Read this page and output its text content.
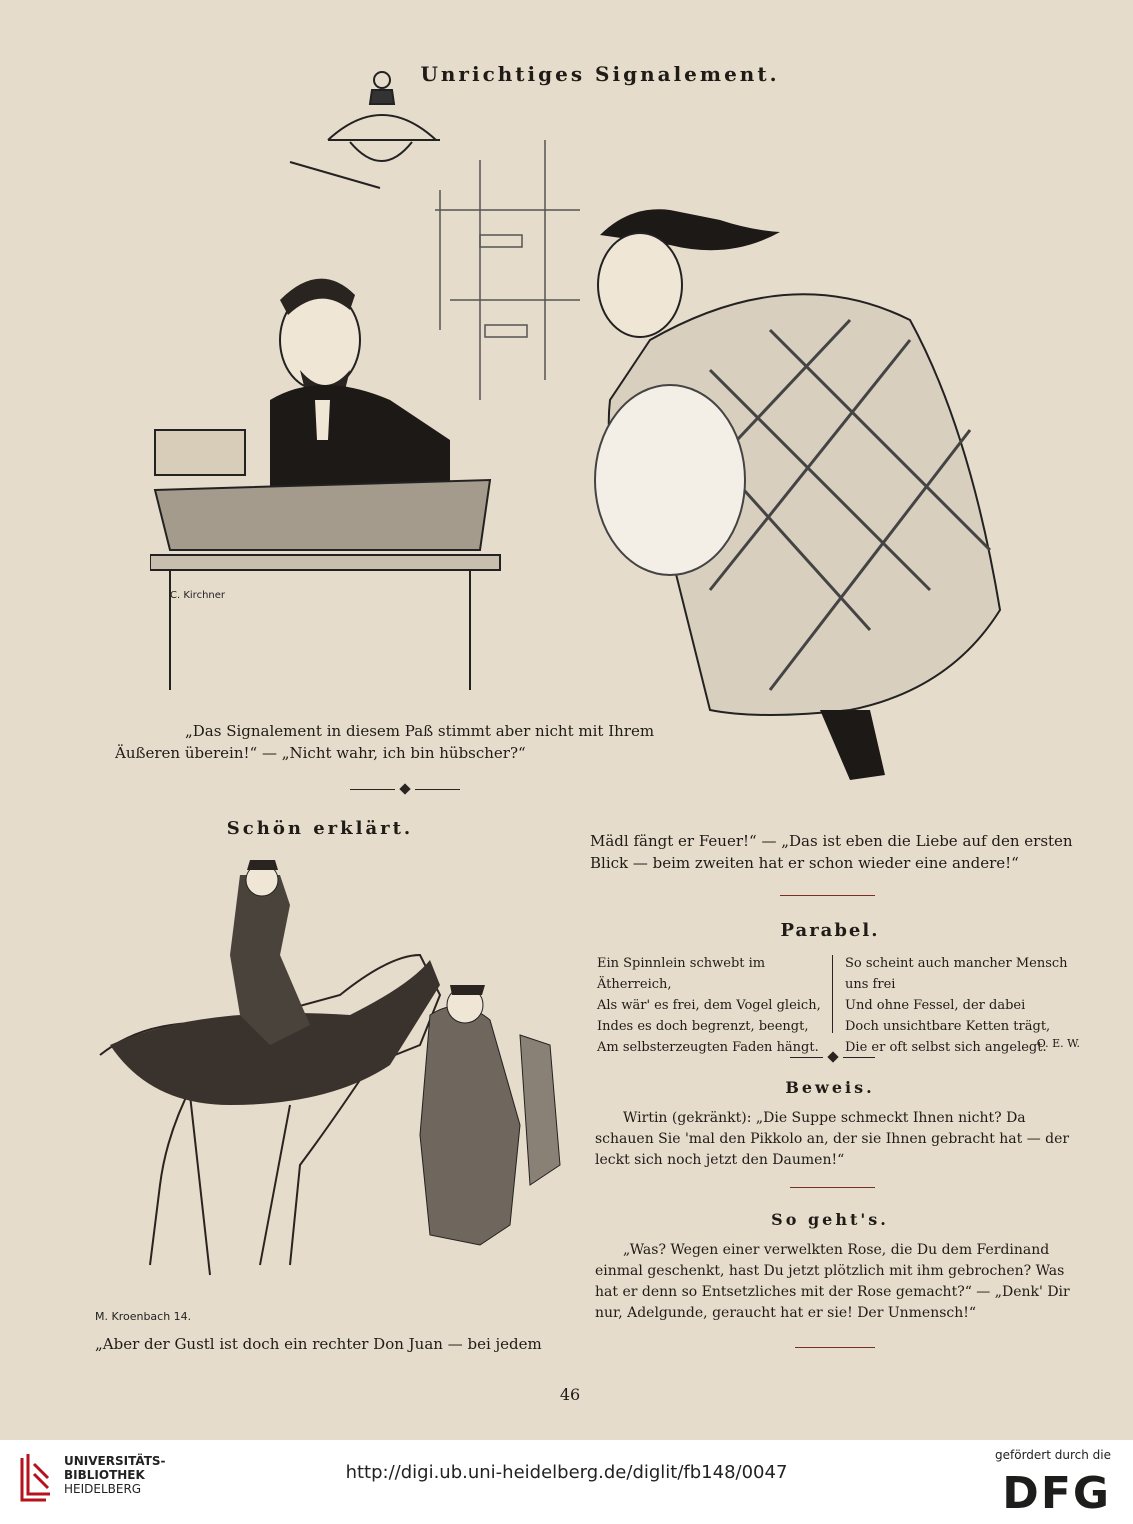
Unrichtiges Signalement.
C. Kirchner
„Das Signalement in diesem Paß stimmt aber nicht mit Ihrem Äußeren überein!“ — „Nicht wahr, ich bin hübscher?“
Schön erklärt.
M. Kroenbach 14.
„Aber der Gustl ist doch ein rechter Don Juan — bei jedem
Mädl fängt er Feuer!“ — „Das ist eben die Liebe auf den ersten Blick — beim zweiten hat er schon wieder eine andere!“
Parabel.
Ein Spinnlein schwebt im Ätherreich,
Als wär' es frei, dem Vogel gleich,
Indes es doch begrenzt, beengt,
Am selbsterzeugten Faden hängt.
So scheint auch mancher Mensch uns frei
Und ohne Fessel, der dabei
Doch unsichtbare Ketten trägt,
Die er oft selbst sich angelegt.
O. E. W.
Beweis.
Wirtin (gekränkt): „Die Suppe schmeckt Ihnen nicht? Da schauen Sie 'mal den Pikkolo an, der sie Ihnen gebracht hat — der leckt sich noch jetzt den Daumen!“
So geht's.
„Was? Wegen einer verwelkten Rose, die Du dem Ferdinand einmal geschenkt, hast Du jetzt plötzlich mit ihm gebrochen? Was hat er denn so Entsetzliches mit der Rose gemacht?“ — „Denk' Dir nur, Adelgunde, geraucht hat er sie! Der Unmensch!“
46
UNIVERSITÄTS-
BIBLIOTHEK
HEIDELBERG
http://digi.ub.uni-heidelberg.de/diglit/fb148/0047
gefördert durch die
DFG
